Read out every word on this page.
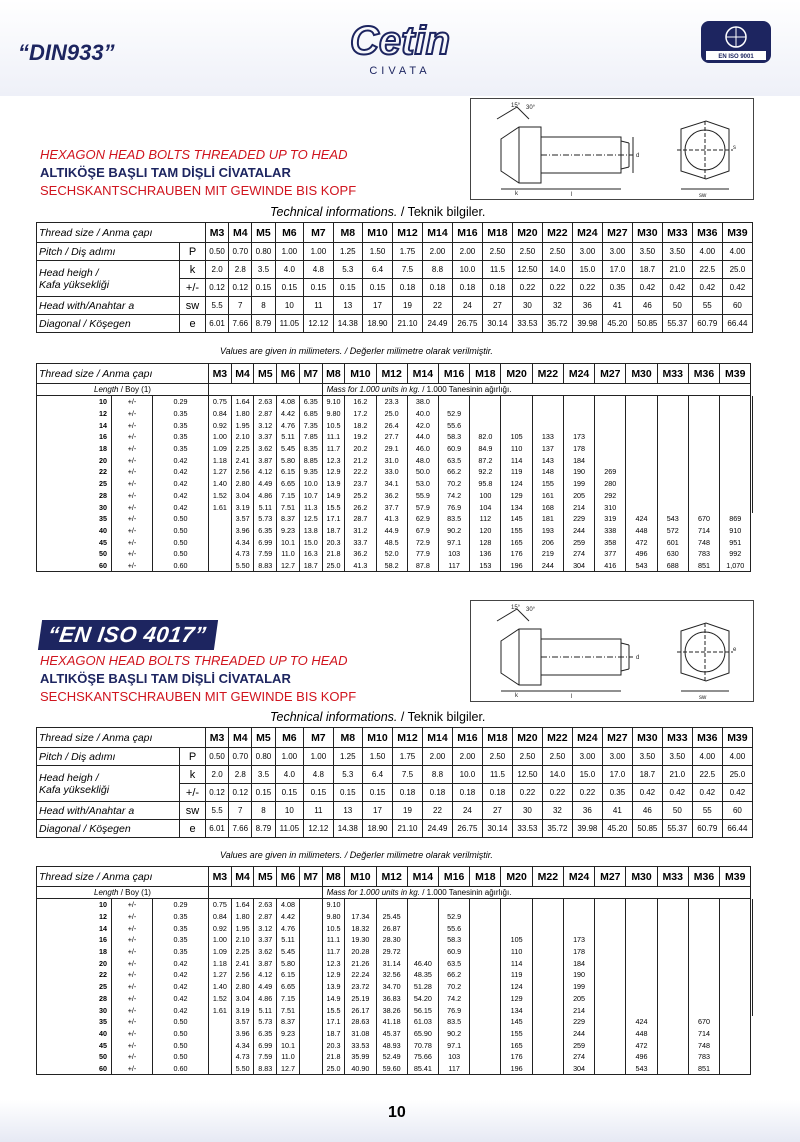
“DIN933”	Cetin
CIVATA
EN ISO 9001
15° 30°
d
l
s
sw
k
HEXAGON HEAD BOLTS THREADED UP TO HEAD
ALTIKÖŞE BAŞLI TAM DİŞLİ CİVATALAR
SECHSKANTSCHRAUBEN MIT GEWINDE BIS KOPF
Technical informations. / Teknik bilgiler.
Thread size / Anma çapı		M3	M4	M5	M6	M7	M8	M10	M12	M14	M16	M18	M20	M22	M24	M27	M30	M33	M36	M39
Pitch / Diş adımı	P	0.50	0.70	0.80	1.00	1.00	1.25	1.50	1.75	2.00	2.00	2.50	2.50	2.50	3.00	3.00	3.50	3.50	4.00	4.00
Head heigh /
Kafa yüksekliği	k	2.0	2.8	3.5	4.0	4.8	5.3	6.4	7.5	8.8	10.0	11.5	12.50	14.0	15.0	17.0	18.7	21.0	22.5	25.0
	+/-	0.12	0.12	0.15	0.15	0.15	0.15	0.15	0.18	0.18	0.18	0.18	0.22	0.22	0.22	0.35	0.42	0.42	0.42	0.42
Head with/Anahtar a	sw	5.5	7	8	10	11	13	17	19	22	24	27	30	32	36	41	46	50	55	60
Diagonal / Köşegen	e	6.01	7.66	8.79	11.05	12.12	14.38	18.90	21.10	24.49	26.75	30.14	33.53	35.72	39.98	45.20	50.85	55.37	60.79	66.44
Values are given in milimeters. / Değerler milimetre olarak verilmiştir.
Thread size / Anma çapı			M3	M4	M5	M6	M7	M8	M10	M12	M14	M16	M18	M20	M22	M24	M27	M30	M33	M36	M39	
Length / Boy (1)								Mass for 1.000 units in kg. / 1.000 Tanesinin ağırlığı.														
10	+/-	0.29	0.75	1.64	2.63	4.08	6.35	9.10	16.2	23.3	38.0											
12	+/-	0.35	0.84	1.80	2.87	4.42	6.85	9.80	17.2	25.0	40.0	52.9										
14	+/-	0.35	0.92	1.95	3.12	4.76	7.35	10.5	18.2	26.4	42.0	55.6										
16	+/-	0.35	1.00	2.10	3.37	5.11	7.85	11.1	19.2	27.7	44.0	58.3	82.0	105	133	173						
18	+/-	0.35	1.09	2.25	3.62	5.45	8.35	11.7	20.2	29.1	46.0	60.9	84.9	110	137	178						
20	+/-	0.42	1.18	2.41	3.87	5.80	8.85	12.3	21.2	31.0	48.0	63.5	87.2	114	143	184						
22	+/-	0.42	1.27	2.56	4.12	6.15	9.35	12.9	22.2	33.0	50.0	66.2	92.2	119	148	190	269					
25	+/-	0.42	1.40	2.80	4.49	6.65	10.0	13.9	23.7	34.1	53.0	70.2	95.8	124	155	199	280					
28	+/-	0.42	1.52	3.04	4.86	7.15	10.7	14.9	25.2	36.2	55.9	74.2	100	129	161	205	292					
30	+/-	0.42	1.61	3.19	5.11	7.51	11.3	15.5	26.2	37.7	57.9	76.9	104	134	168	214	310					
35	+/-	0.50		3.57	5.73	8.37	12.5	17.1	28.7	41.3	62.9	83.5	112	145	181	229	319	424	543	670	869	
40	+/-	0.50		3.96	6.35	9.23	13.8	18.7	31.2	44.9	67.9	90.2	120	155	193	244	338	448	572	714	910	
45	+/-	0.50		4.34	6.99	10.1	15.0	20.3	33.7	48.5	72.9	97.1	128	165	206	259	358	472	601	748	951	
50	+/-	0.50		4.73	7.59	11.0	16.3	21.8	36.2	52.0	77.9	103	136	176	219	274	377	496	630	783	992	
60	+/-	0.60		5.50	8.83	12.7	18.7	25.0	41.3	58.2	87.8	117	153	196	244	304	416	543	688	851	1,070	
“EN ISO 4017”
15° 30°
d
l
e
sw
k
HEXAGON HEAD BOLTS THREADED UP TO HEAD
ALTIKÖŞE BAŞLI TAM DİŞLİ CİVATALAR
SECHSKANTSCHRAUBEN MIT GEWINDE BIS KOPF
Technical informations. / Teknik bilgiler.
Thread size / Anma çapı		M3	M4	M5	M6	M7	M8	M10	M12	M14	M16	M18	M20	M22	M24	M27	M30	M33	M36	M39
Pitch / Diş adımı	P	0.50	0.70	0.80	1.00	1.00	1.25	1.50	1.75	2.00	2.00	2.50	2.50	2.50	3.00	3.00	3.50	3.50	4.00	4.00
Head heigh /
Kafa yüksekliği	k	2.0	2.8	3.5	4.0	4.8	5.3	6.4	7.5	8.8	10.0	11.5	12.50	14.0	15.0	17.0	18.7	21.0	22.5	25.0
	+/-	0.12	0.12	0.15	0.15	0.15	0.15	0.15	0.18	0.18	0.18	0.18	0.22	0.22	0.22	0.35	0.42	0.42	0.42	0.42
Head with/Anahtar a	sw	5.5	7	8	10	11	13	17	19	22	24	27	30	32	36	41	46	50	55	60
Diagonal / Köşegen	e	6.01	7.66	8.79	11.05	12.12	14.38	18.90	21.10	24.49	26.75	30.14	33.53	35.72	39.98	45.20	50.85	55.37	60.79	66.44
Values are given in milimeters. / Değerler milimetre olarak verilmiştir.
Thread size / Anma çapı			M3	M4	M5	M6	M7	M8	M10	M12	M14	M16	M18	M20	M22	M24	M27	M30	M33	M36	M39	
Length / Boy (1)								Mass for 1.000 units in kg. / 1.000 Tanesinin ağırlığı.														
10	+/-	0.29	0.75	1.64	2.63	4.08		9.10														
12	+/-	0.35	0.84	1.80	2.87	4.42		9.80	17.34	25.45		52.9										
14	+/-	0.35	0.92	1.95	3.12	4.76		10.5	18.32	26.87		55.6										
16	+/-	0.35	1.00	2.10	3.37	5.11		11.1	19.30	28.30		58.3		105		173						
18	+/-	0.35	1.09	2.25	3.62	5.45		11.7	20.28	29.72		60.9		110		178						
20	+/-	0.42	1.18	2.41	3.87	5.80		12.3	21.26	31.14	46.40	63.5		114		184						
22	+/-	0.42	1.27	2.56	4.12	6.15		12.9	22.24	32.56	48.35	66.2		119		190						
25	+/-	0.42	1.40	2.80	4.49	6.65		13.9	23.72	34.70	51.28	70.2		124		199						
28	+/-	0.42	1.52	3.04	4.86	7.15		14.9	25.19	36.83	54.20	74.2		129		205						
30	+/-	0.42	1.61	3.19	5.11	7.51		15.5	26.17	38.26	56.15	76.9		134		214						
35	+/-	0.50		3.57	5.73	8.37		17.1	28.63	41.18	61.03	83.5		145		229		424		670		
40	+/-	0.50		3.96	6.35	9.23		18.7	31.08	45.37	65.90	90.2		155		244		448		714		
45	+/-	0.50		4.34	6.99	10.1		20.3	33.53	48.93	70.78	97.1		165		259		472		748		
50	+/-	0.50		4.73	7.59	11.0		21.8	35.99	52.49	75.66	103		176		274		496		783		
60	+/-	0.60		5.50	8.83	12.7		25.0	40.90	59.60	85.41	117		196		304		543		851		
10
